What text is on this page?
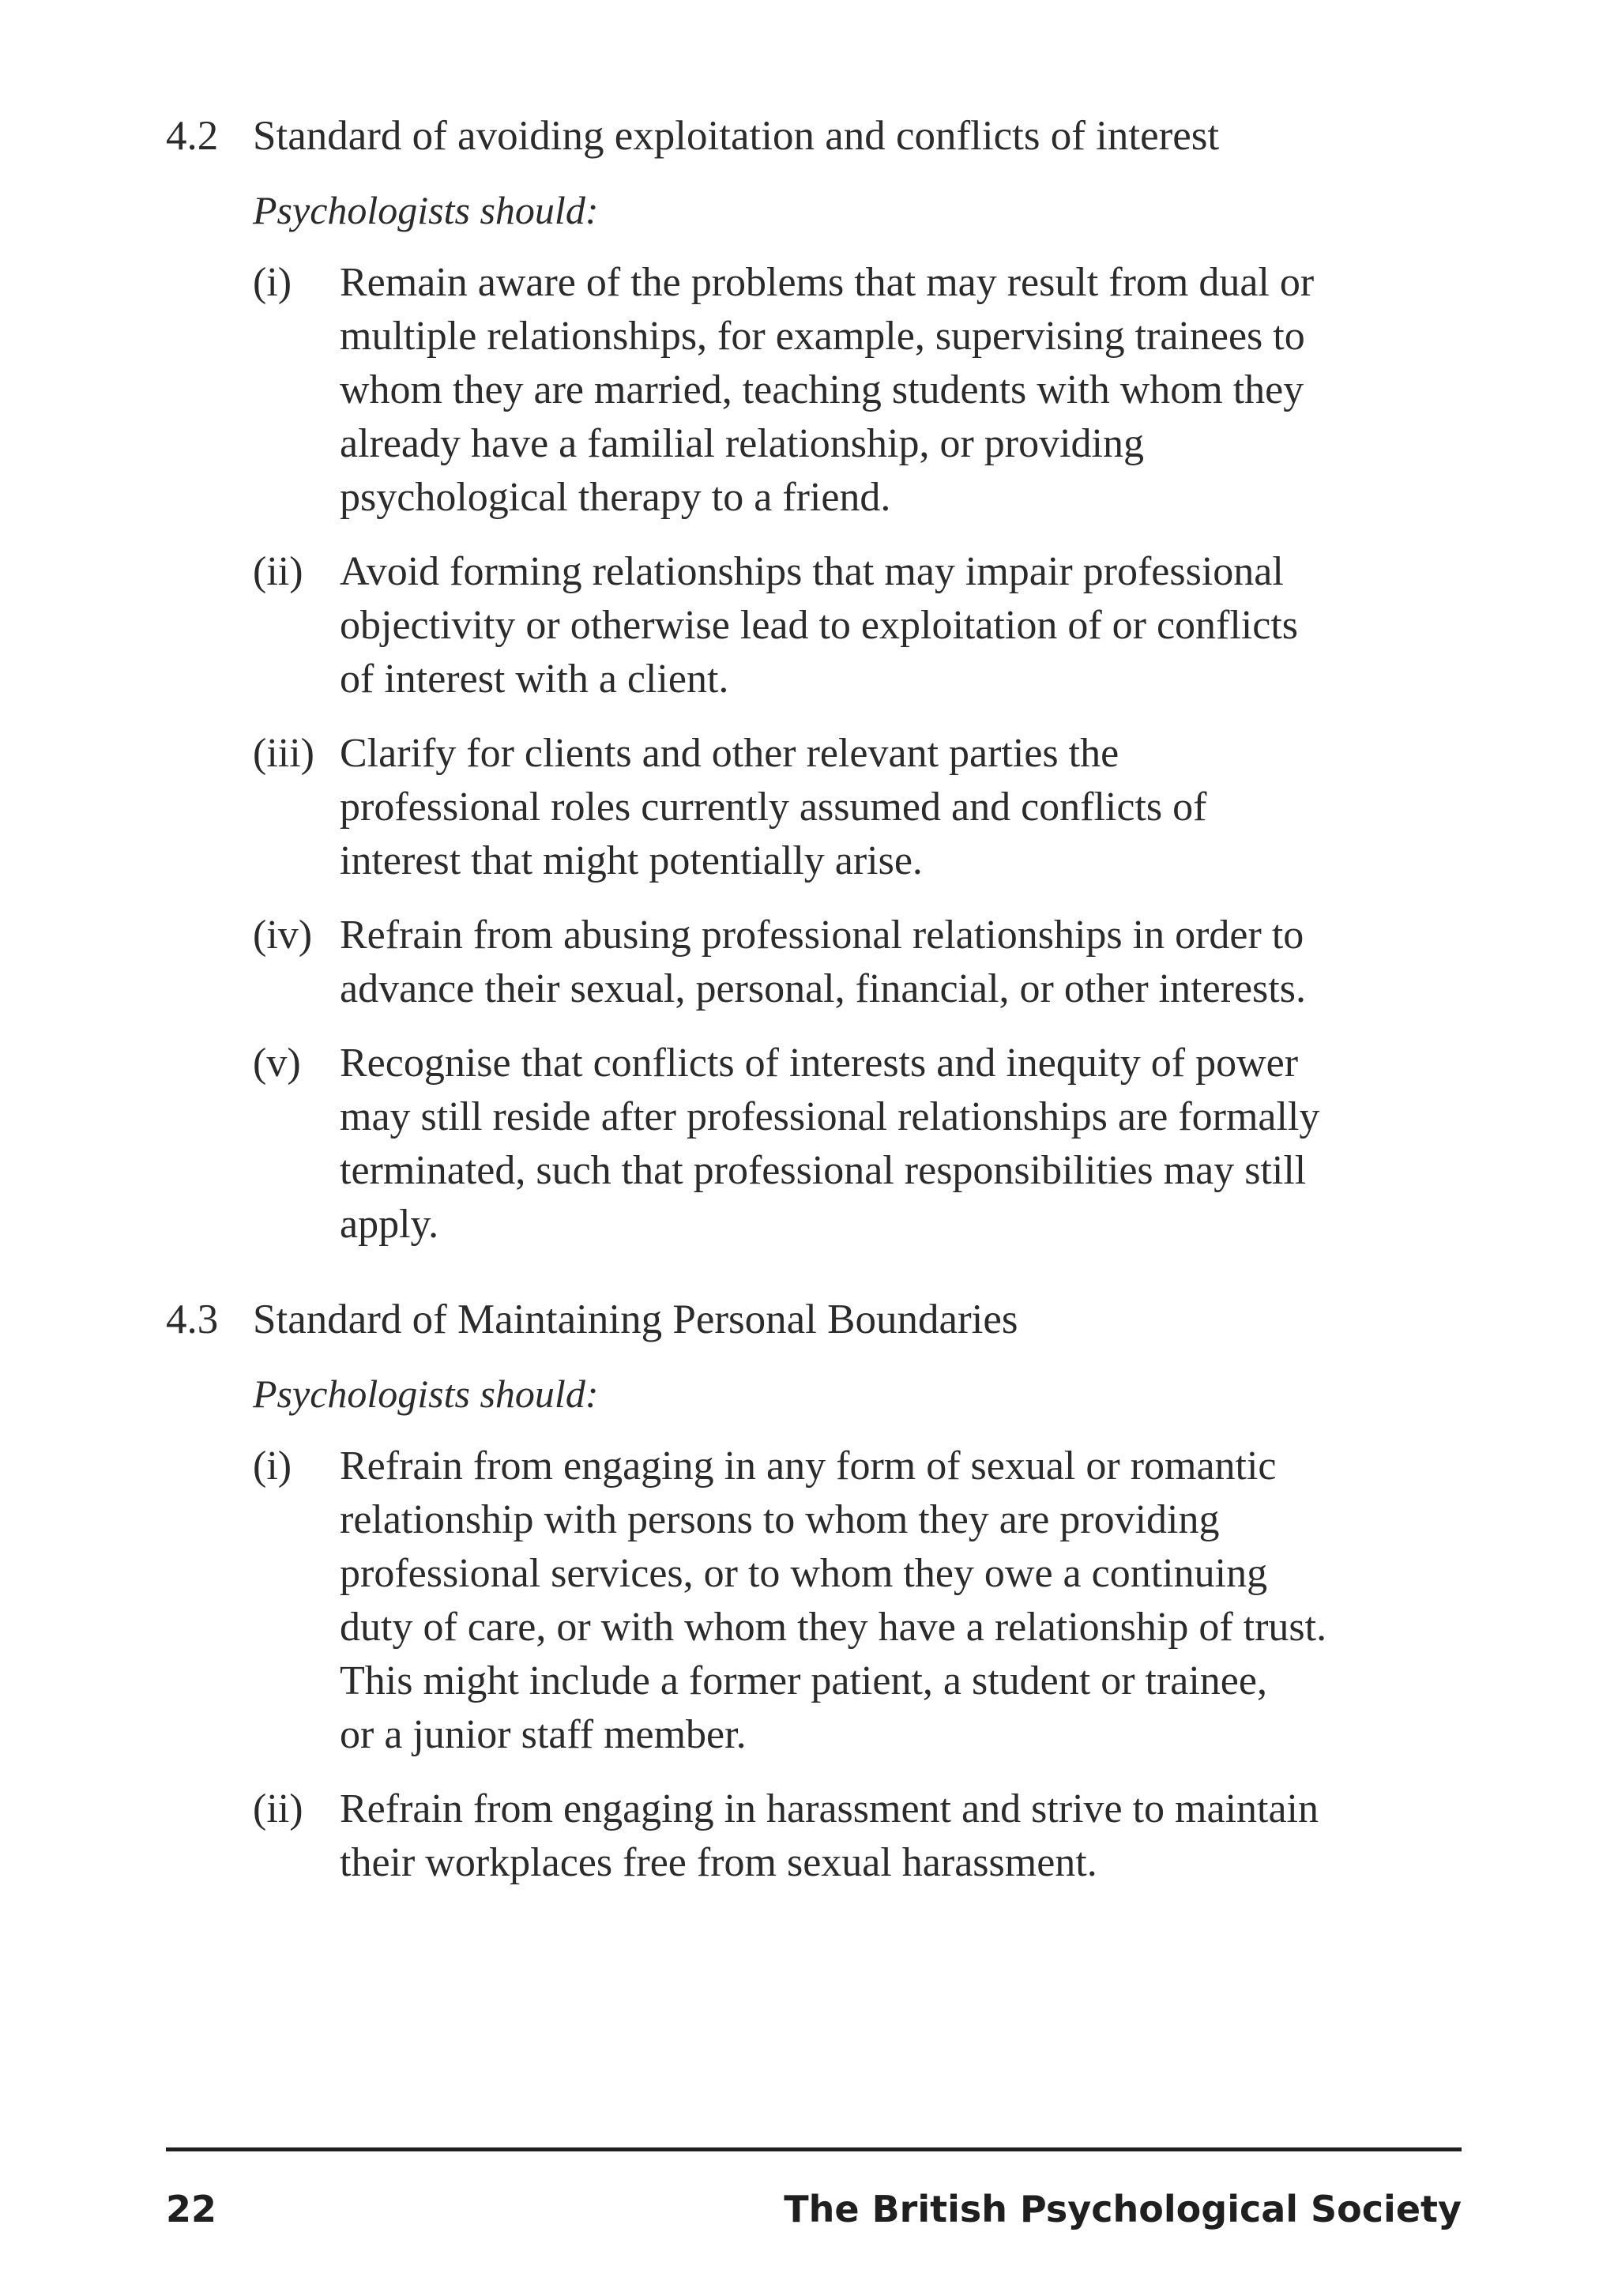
4.2 Standard of avoiding exploitation and conflicts of interest
Psychologists should:
(i) Remain aware of the problems that may result from dual or
multiple relationships, for example, supervising trainees to
whom they are married, teaching students with whom they
already have a familial relationship, or providing
psychological therapy to a friend.
(ii) Avoid forming relationships that may impair professional
objectivity or otherwise lead to exploitation of or conflicts
of interest with a client.
(iii) Clarify for clients and other relevant parties the
professional roles currently assumed and conflicts of
interest that might potentially arise.
(iv) Refrain from abusing professional relationships in order to
advance their sexual, personal, financial, or other interests.
(v) Recognise that conflicts of interests and inequity of power
may still reside after professional relationships are formally
terminated, such that professional responsibilities may still
apply.
4.3 Standard of Maintaining Personal Boundaries
Psychologists should:
(i) Refrain from engaging in any form of sexual or romantic
relationship with persons to whom they are providing
professional services, or to whom they owe a continuing
duty of care, or with whom they have a relationship of trust.
This might include a former patient, a student or trainee,
or a junior staff member.
(ii) Refrain from engaging in harassment and strive to maintain
their workplaces free from sexual harassment.
22	The British Psychological Society
